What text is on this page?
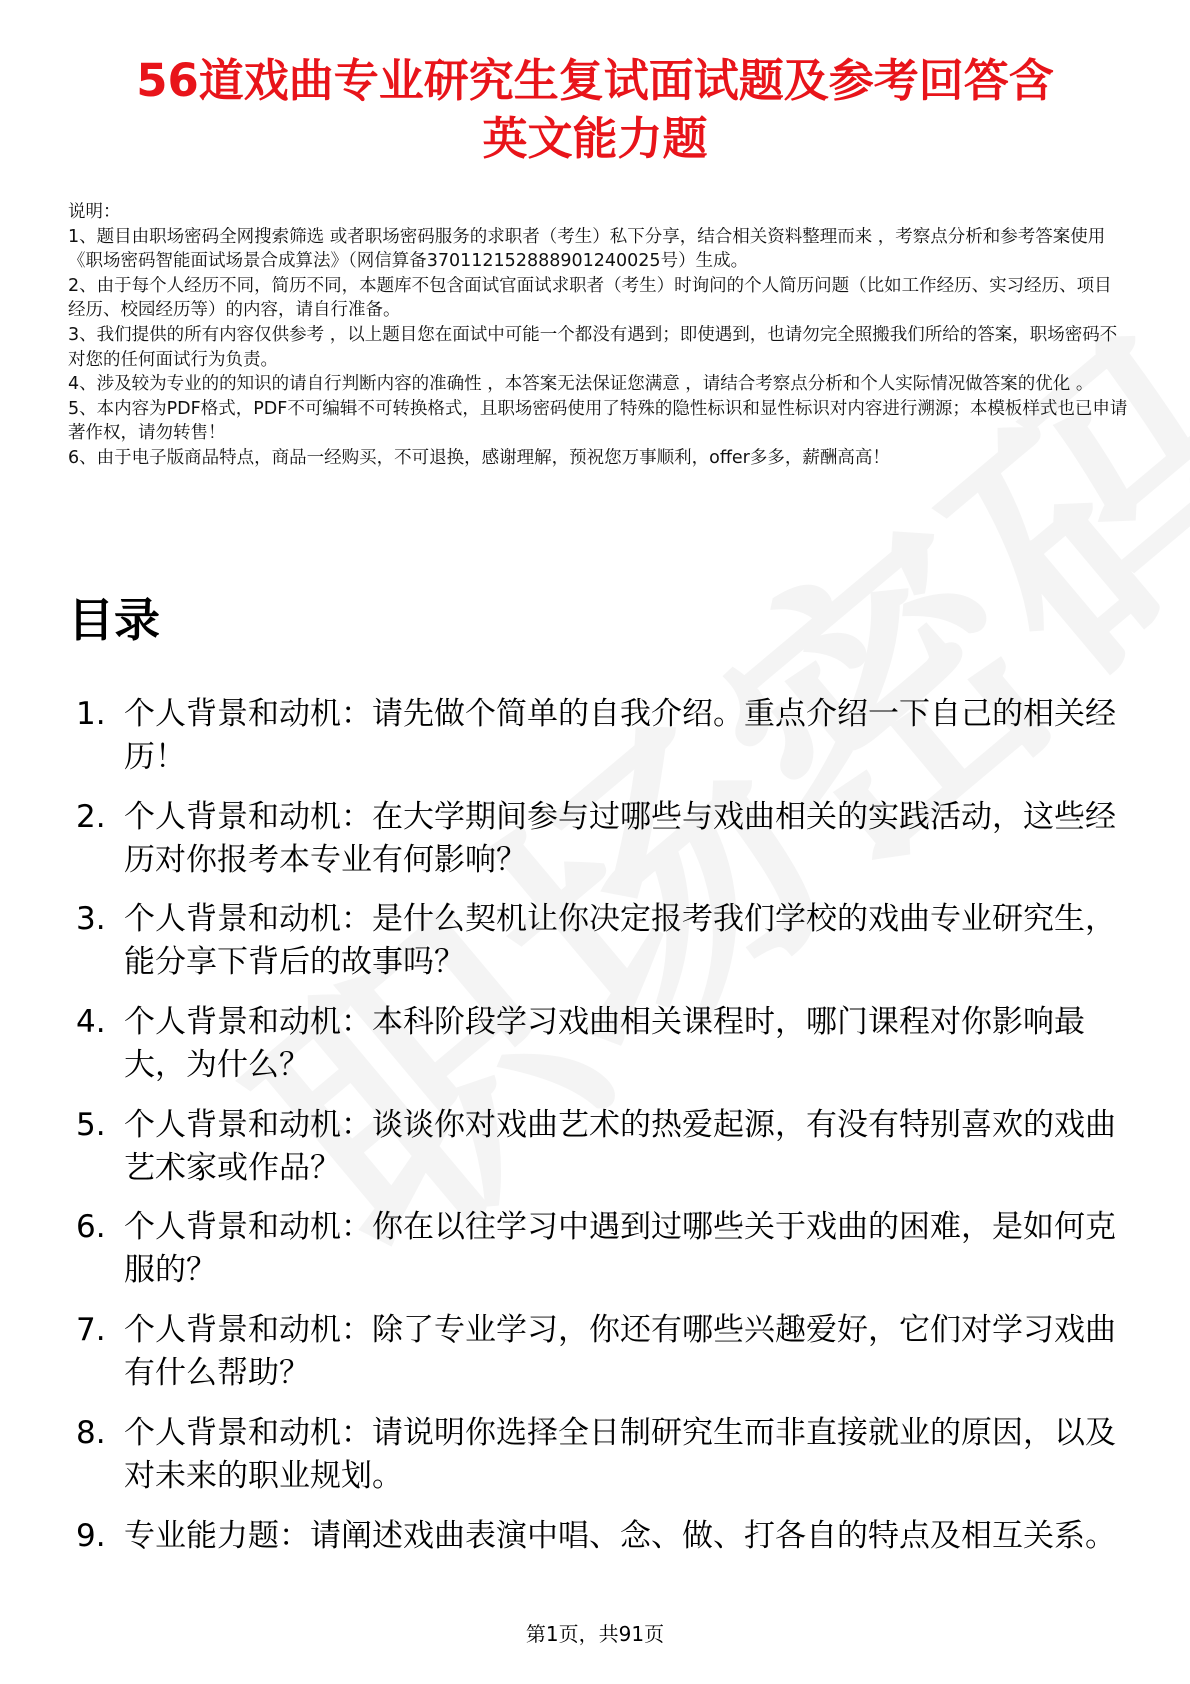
56道戏曲专业研究生复试面试题及参考回答含
英文能力题
说明：
1、题目由职场密码全网搜索筛选 或者职场密码服务的求职者（考生）私下分享，结合相关资料整理而来 ，考察点分析和参考答案使用《职场密码智能面试场景合成算法》（网信算备370112152888901240025号）生成。
2、由于每个人经历不同，简历不同，本题库不包含面试官面试求职者（考生）时询问的个人简历问题（比如工作经历、实习经历、项目经历、校园经历等）的内容，请自行准备。
3、我们提供的所有内容仅供参考 ，以上题目您在面试中可能一个都没有遇到；即使遇到，也请勿完全照搬我们所给的答案，职场密码不对您的任何面试行为负责。
4、涉及较为专业的的知识的请自行判断内容的准确性 ，本答案无法保证您满意 ，请结合考察点分析和个人实际情况做答案的优化 。
5、本内容为PDF格式，PDF不可编辑不可转换格式，且职场密码使用了特殊的隐性标识和显性标识对内容进行溯源；本模板样式也已申请著作权，请勿转售！
6、由于电子版商品特点，商品一经购买，不可退换，感谢理解，预祝您万事顺利，offer多多，薪酬高高！
目录
1. 个人背景和动机：请先做个简单的自我介绍。重点介绍一下自己的相关经历！
2. 个人背景和动机：在大学期间参与过哪些与戏曲相关的实践活动，这些经历对你报考本专业有何影响？
3. 个人背景和动机：是什么契机让你决定报考我们学校的戏曲专业研究生，能分享下背后的故事吗？
4. 个人背景和动机：本科阶段学习戏曲相关课程时，哪门课程对你影响最大，为什么？
5. 个人背景和动机：谈谈你对戏曲艺术的热爱起源，有没有特别喜欢的戏曲艺术家或作品？
6. 个人背景和动机：你在以往学习中遇到过哪些关于戏曲的困难，是如何克服的？
7. 个人背景和动机：除了专业学习，你还有哪些兴趣爱好，它们对学习戏曲有什么帮助？
8. 个人背景和动机：请说明你选择全日制研究生而非直接就业的原因，以及对未来的职业规划。
9. 专业能力题：请阐述戏曲表演中唱、念、做、打各自的特点及相互关系。
第1页，共91页
